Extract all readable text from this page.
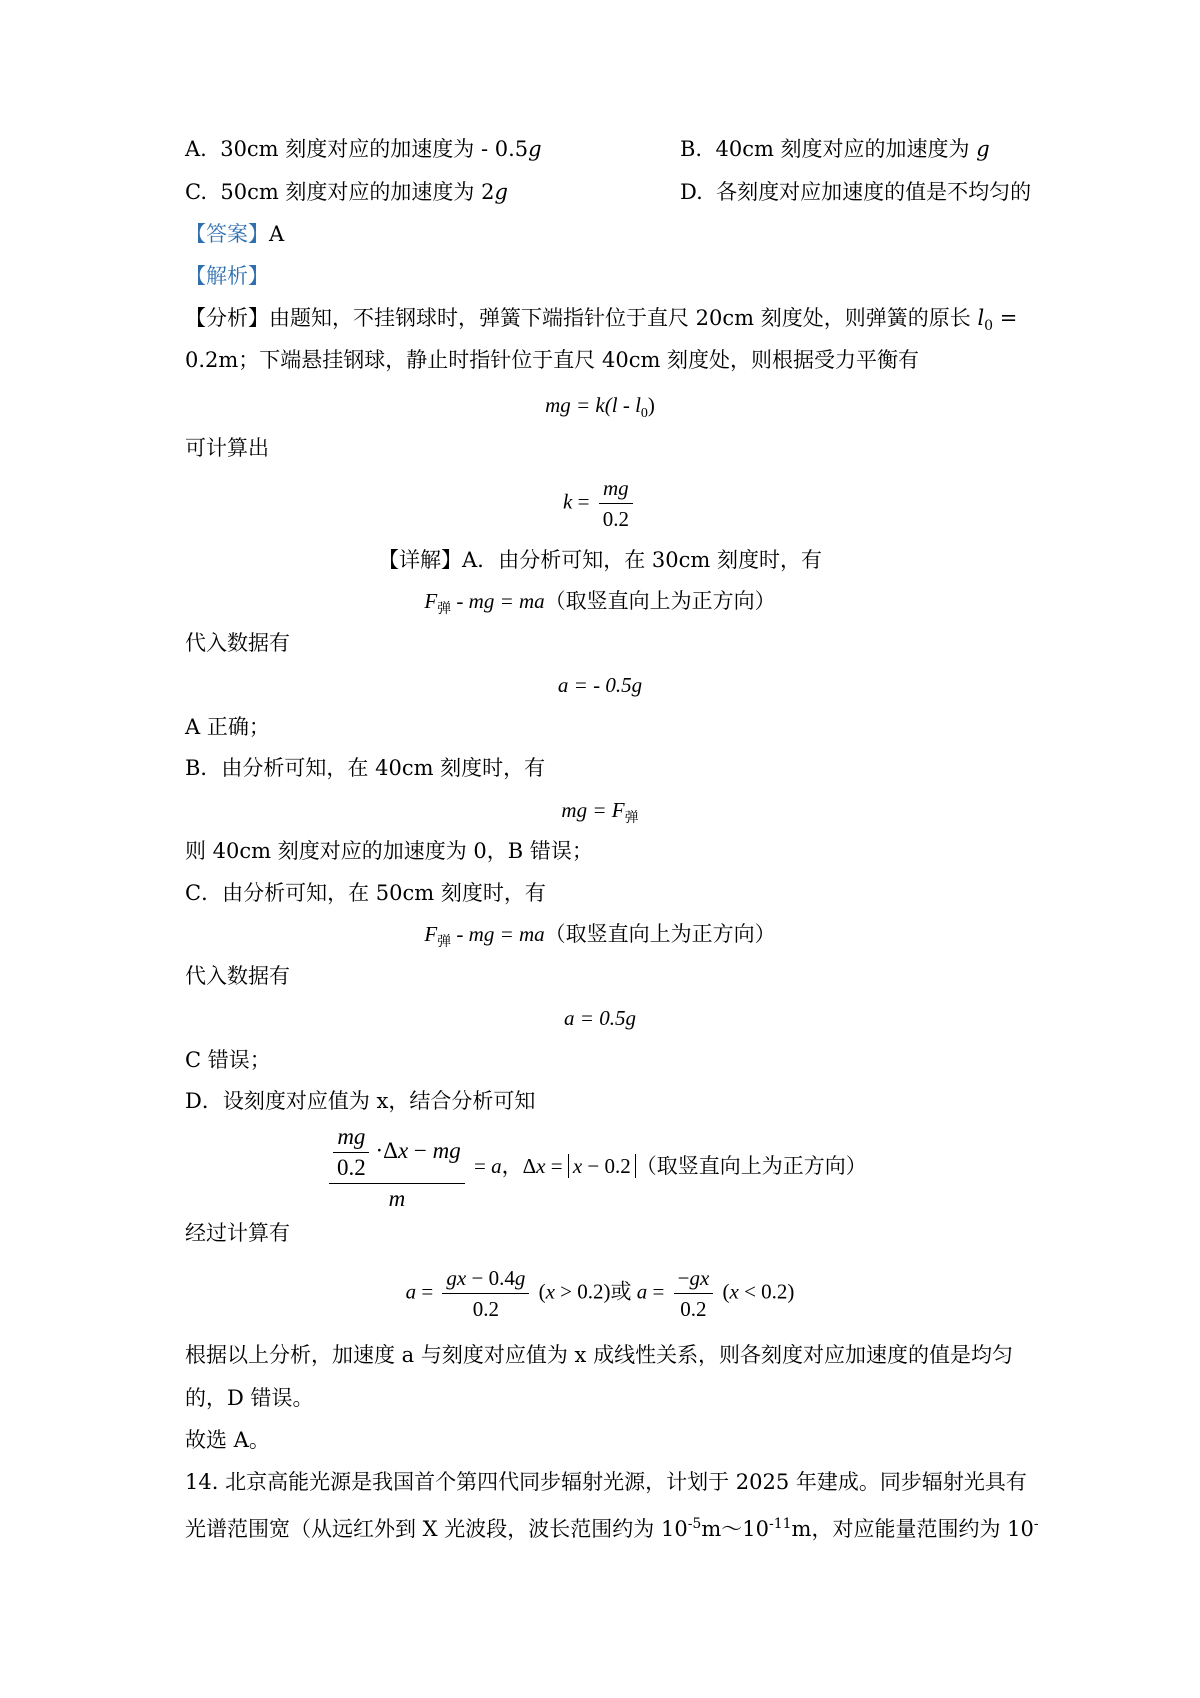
A. 30cm 刻度对应的加速度为 - 0.5g	B. 40cm 刻度对应的加速度为 g
C. 50cm 刻度对应的加速度为 2g	D. 各刻度对应加速度的值是不均匀的
【答案】A
【解析】
【分析】由题知，不挂钢球时，弹簧下端指针位于直尺 20cm 刻度处，则弹簧的原长 $l_0$ =
0.2m；下端悬挂钢球，静止时指针位于直尺 40cm 刻度处，则根据受力平衡有
mg = $k(l - l_0)$
可计算出
$k = \frac{mg}{0.2}$
【详解】A．由分析可知，在 30cm 刻度时，有
$F_弹$ - mg = ma（取竖直向上为正方向）
代入数据有
a = - 0.5g
A 正确；
B．由分析可知，在 40cm 刻度时，有
mg = $F_弹$
则 40cm 刻度对应的加速度为 0，B 错误；
C．由分析可知，在 50cm 刻度时，有
$F_弹$ - mg = ma（取竖直向上为正方向）
代入数据有
a = 0.5g
C 错误；
D．设刻度对应值为 x，结合分析可知
$\frac{\frac{mg}{0.2} \cdot\Delta x - mg}{m} = a$，Δx = x − 0.2 （取竖直向上为正方向）
经过计算有
$a = \frac{gx - 0.4g}{0.2} (x > 0.2)$或 $a = \frac{-gx}{0.2} (x < 0.2)$
根据以上分析，加速度 a 与刻度对应值为 x 成线性关系，则各刻度对应加速度的值是均匀
的，D 错误。
故选 A。
14. 北京高能光源是我国首个第四代同步辐射光源，计划于 2025 年建成。同步辐射光具有
光谱范围宽（从远红外到 X 光波段，波长范围约为 $10^{-5}m\sim 10^{-11}m$，对应能量范围约为 10-
